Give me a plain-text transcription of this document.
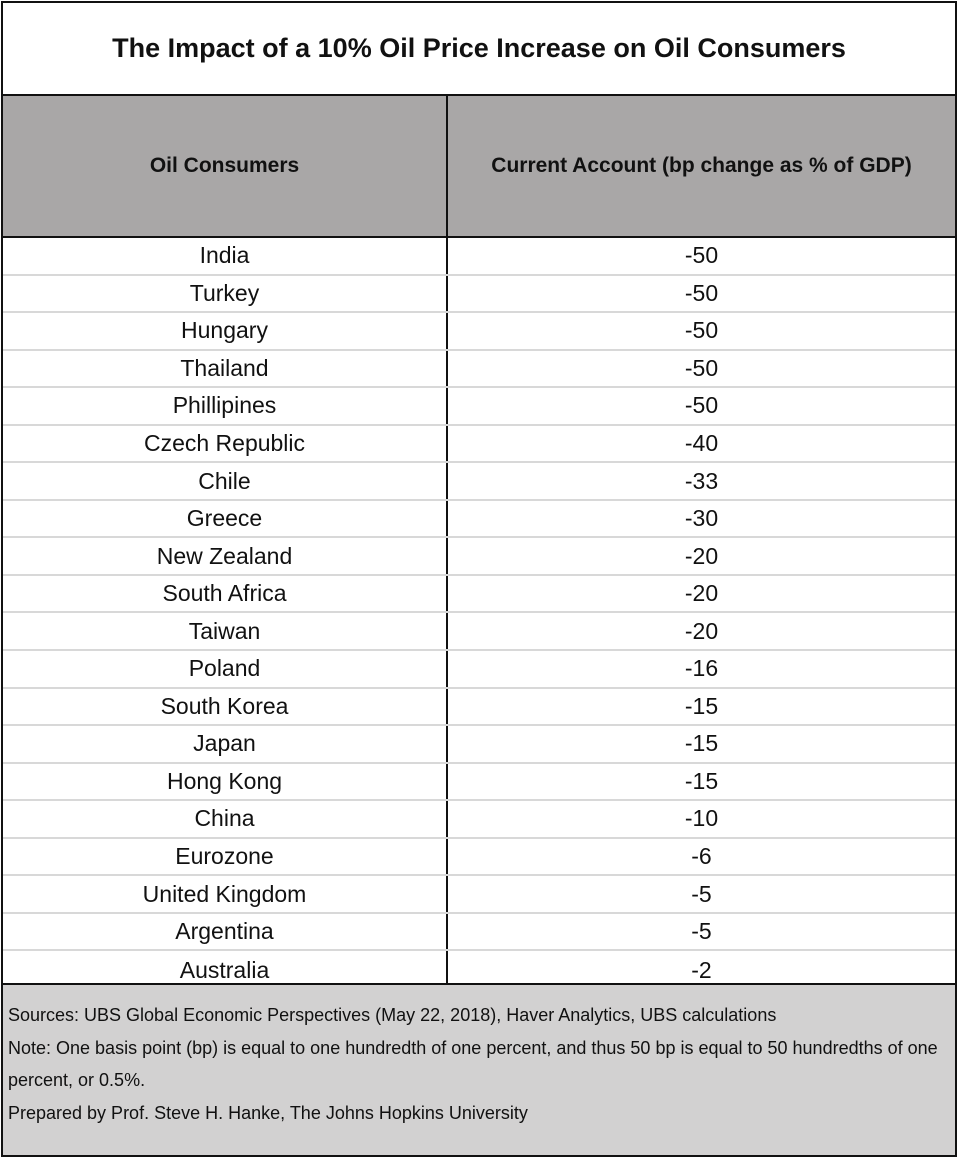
The Impact of a 10% Oil Price Increase on Oil Consumers
Oil Consumers	Current Account (bp change as % of GDP)
India	-50
Turkey	-50
Hungary	-50
Thailand	-50
Phillipines	-50
Czech Republic	-40
Chile	-33
Greece	-30
New Zealand	-20
South Africa	-20
Taiwan	-20
Poland	-16
South Korea	-15
Japan	-15
Hong Kong	-15
China	-10
Eurozone	-6
United Kingdom	-5
Argentina	-5
Australia	-2

Sources: UBS Global Economic Perspectives (May 22, 2018), Haver Analytics, UBS calculations

Note: One basis point (bp) is equal to one hundredth of one percent, and thus 50 bp is equal to 50 hundredths of one percent, or 0.5%.

Prepared by Prof. Steve H. Hanke, The Johns Hopkins University
